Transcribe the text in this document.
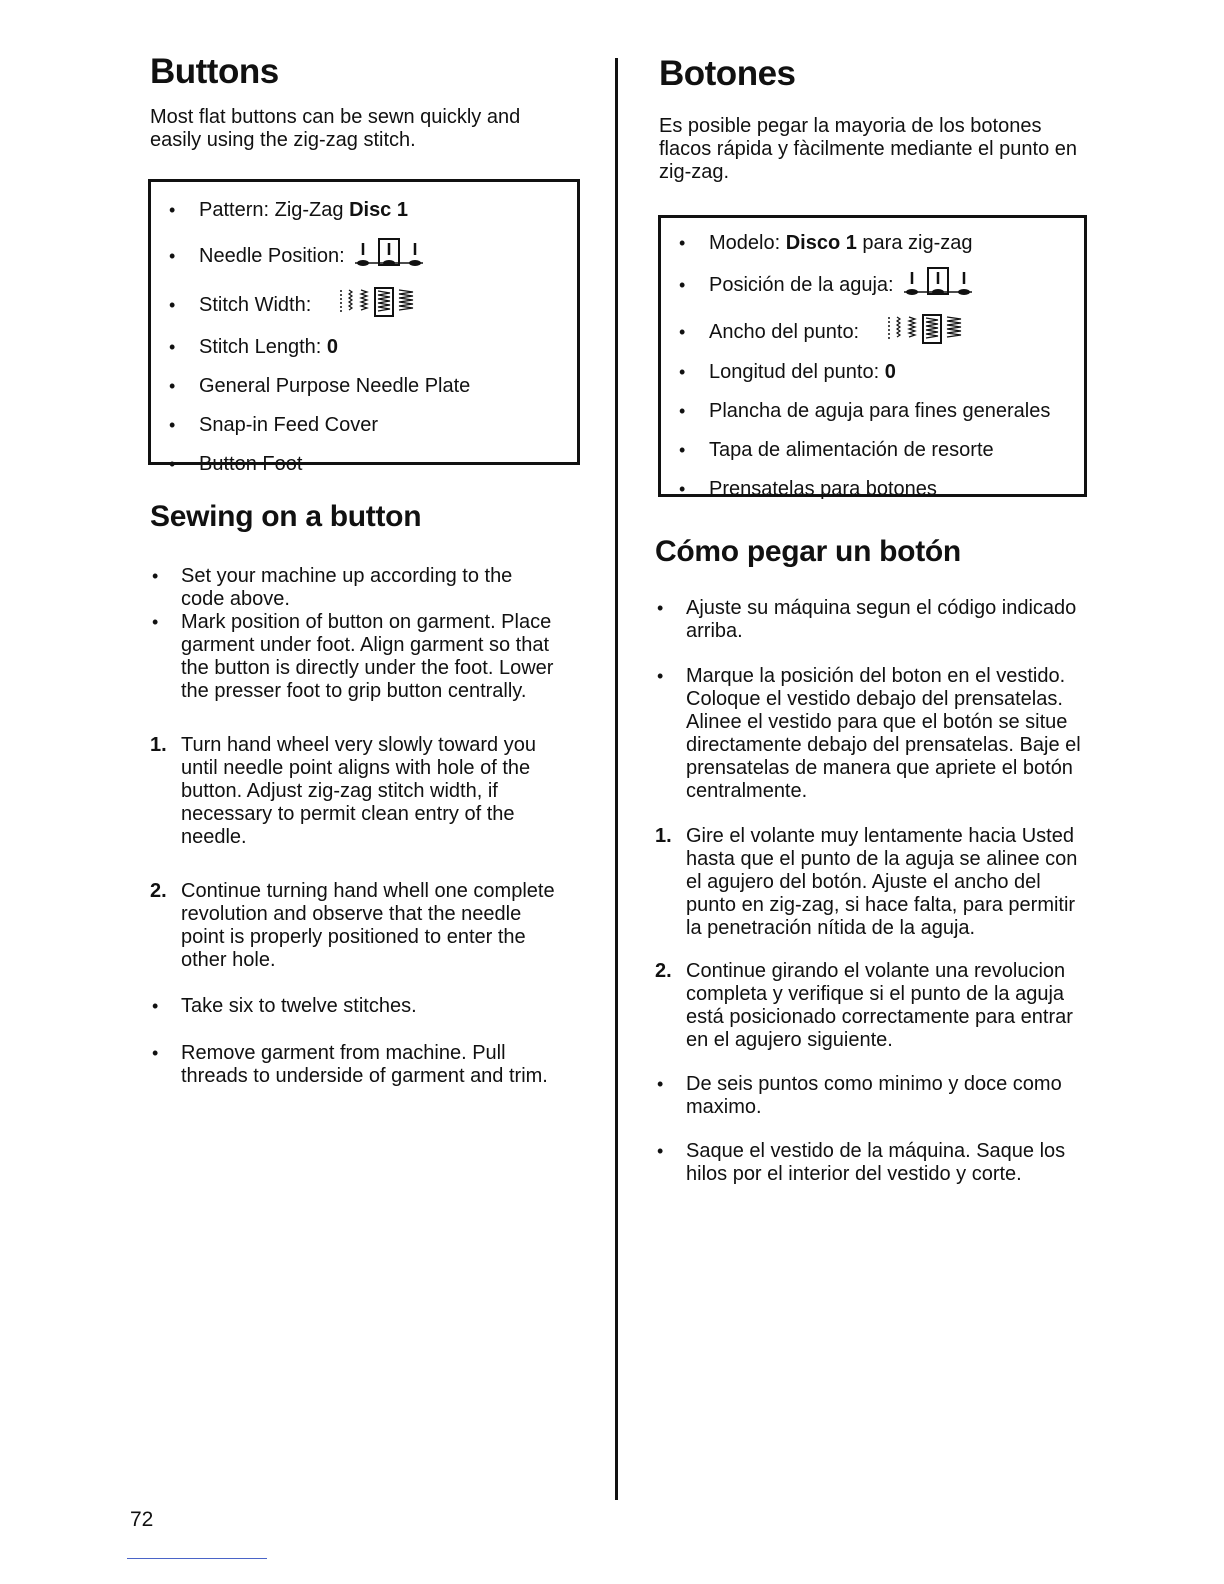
Buttons

Most flat buttons can be sewn quickly and easily using the zig-zag stitch.

• Pattern: Zig-Zag Disc 1
• Needle Position:
• Stitch Width:
• Stitch Length: 0
• General Purpose Needle Plate
• Snap-in Feed Cover
• Button Foot
Sewing on a button
• Set your machine up according to the code above.
• Mark position of button on garment. Place garment under foot. Align garment so that the button is directly under the foot. Lower the presser foot to grip button centrally.
1. Turn hand wheel very slowly toward you until needle point aligns with hole of the button. Adjust zig-zag stitch width, if necessary to permit clean entry of the needle.
2. Continue turning hand whell one complete revolution and observe that the needle point is properly positioned to enter the other hole.
• Take six to twelve stitches.
• Remove garment from machine. Pull threads to underside of garment and trim.
Botones

Es posible pegar la mayoria de los botones flacos rápida y fàcilmente mediante el punto en zig-zag.

• Modelo: Disco 1 para zig-zag
• Posición de la aguja:
• Ancho del punto:
• Longitud del punto: 0
• Plancha de aguja para fines generales
• Tapa de alimentación de resorte
• Prensatelas para botones
Cómo pegar un botón
• Ajuste su máquina segun el código indicado arriba.
• Marque la posición del boton en el vestido. Coloque el vestido debajo del prensatelas. Alinee el vestido para que el botón se situe directamente debajo del prensatelas. Baje el prensatelas de manera que apriete el botón centralmente.
1. Gire el volante muy lentamente hacia Usted hasta que el punto de la aguja se alinee con el agujero del botón. Ajuste el ancho del punto en zig-zag, si hace falta, para permitir la penetración nítida de la aguja.
2. Continue girando el volante una revolucion completa y verifique si el punto de la aguja está posicionado correctamente para entrar en el agujero siguiente.
• De seis puntos como minimo y doce como maximo.
• Saque el vestido de la máquina. Saque los hilos por el interior del vestido y corte.
72
